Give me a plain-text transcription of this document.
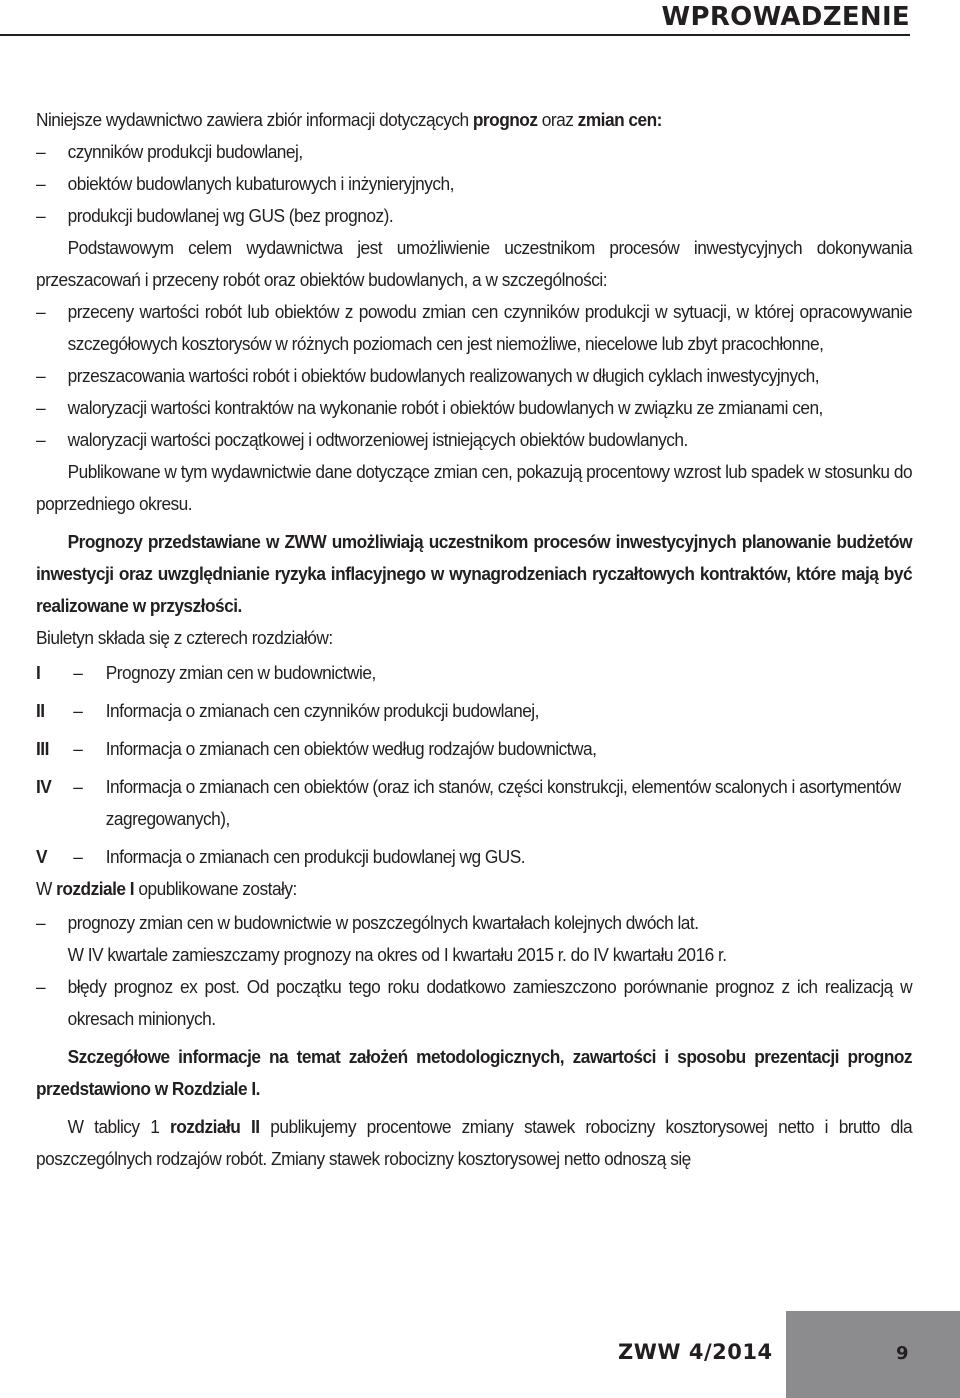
WPROWADZENIE

Niniejsze wydawnictwo zawiera zbiór informacji dotyczących prognoz oraz zmian cen:

–	czynników produkcji budowlanej,
–	obiektów budowlanych kubaturowych i inżynieryjnych,
–	produkcji budowlanej wg GUS (bez prognoz).

Podstawowym celem wydawnictwa jest umożliwienie uczestnikom procesów inwestycyjnych dokonywania przeszacowań i przeceny robót oraz obiektów budowlanych, a w szczególności:

–	przeceny wartości robót lub obiektów z powodu zmian cen czynników produkcji w sytuacji, w której opracowywanie szczegółowych kosztorysów w różnych poziomach cen jest niemożliwe, niecelowe lub zbyt pracochłonne,
–	przeszacowania wartości robót i obiektów budowlanych realizowanych w długich cyklach inwestycyjnych,
–	waloryzacji wartości kontraktów na wykonanie robót i obiektów budowlanych w związku ze zmianami cen,
–	waloryzacji wartości początkowej i odtworzeniowej istniejących obiektów budowlanych.

Publikowane w tym wydawnictwie dane dotyczące zmian cen, pokazują procentowy wzrost lub spadek w stosunku do poprzedniego okresu.

Prognozy przedstawiane w ZWW umożliwiają uczestnikom procesów inwestycyjnych planowanie budżetów inwestycji oraz uwzględnianie ryzyka inflacyjnego w wynagrodzeniach ryczałtowych kontraktów, które mają być realizowane w przyszłości.

Biuletyn składa się z czterech rozdziałów:

I – Prognozy zmian cen w budownictwie,
II – Informacja o zmianach cen czynników produkcji budowlanej,
III – Informacja o zmianach cen obiektów według rodzajów budownictwa,
IV – Informacja o zmianach cen obiektów (oraz ich stanów, części konstrukcji, elementów scalonych i asortymentów zagregowanych),
V – Informacja o zmianach cen produkcji budowlanej wg GUS.

W rozdziale I opublikowane zostały:

–	prognozy zmian cen w budownictwie w poszczególnych kwartałach kolejnych dwóch lat.
W IV kwartale zamieszczamy prognozy na okres od I kwartału 2015 r. do IV kwartału 2016 r.
–	błędy prognoz ex post. Od początku tego roku dodatkowo zamieszczono porównanie prognoz z ich realizacją w okresach minionych.

Szczegółowe informacje na temat założeń metodologicznych, zawartości i sposobu prezentacji prognoz przedstawiono w Rozdziale I.

W tablicy 1 rozdziału II publikujemy procentowe zmiany stawek robocizny kosztorysowej netto i brutto dla poszczególnych rodzajów robót. Zmiany stawek robocizny kosztorysowej netto odnoszą się

ZWW 4/2014	9
